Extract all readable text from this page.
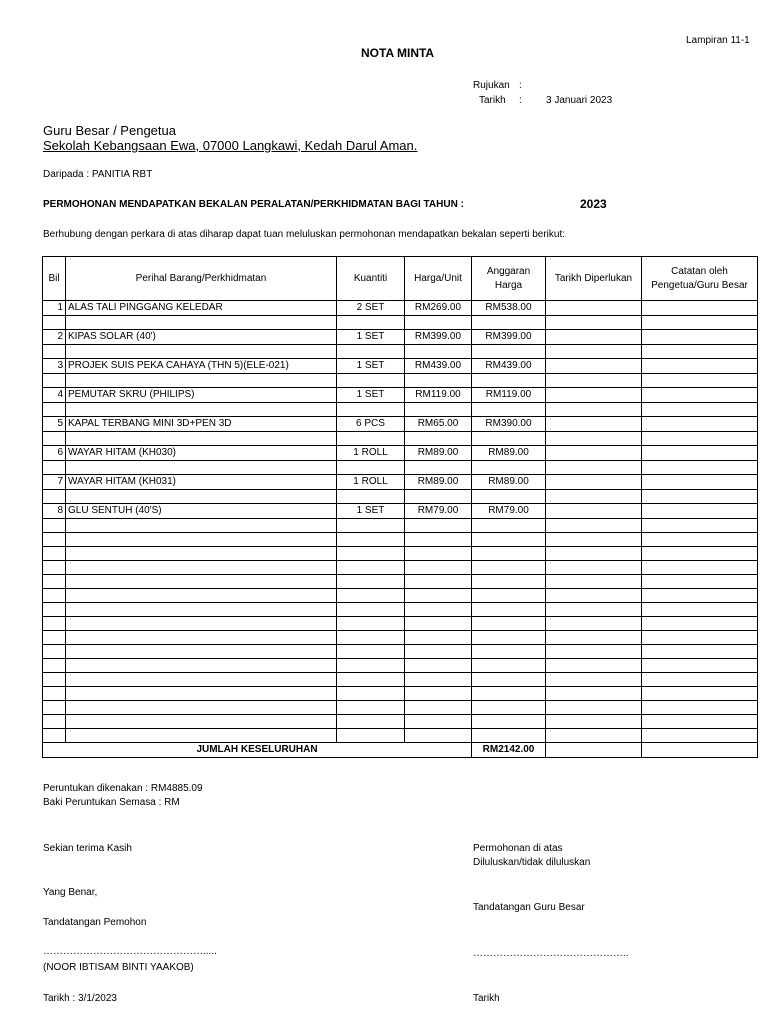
Lampiran 11-1
NOTA MINTA
Rujukan :
Tarikh : 3 Januari 2023
Guru Besar / Pengetua
Sekolah Kebangsaan Ewa, 07000 Langkawi, Kedah Darul Aman.
Daripada : PANITIA RBT
PERMOHONAN MENDAPATKAN BEKALAN PERALATAN/PERKHIDMATAN BAGI TAHUN :	2023
Berhubung dengan perkara di atas diharap dapat tuan meluluskan permohonan mendapatkan bekalan seperti berikut:
Bil	Perihal Barang/Perkhidmatan	Kuantiti	Harga/Unit	Anggaran Harga	Tarikh Diperlukan	Catatan oleh Pengetua/Guru Besar
1	ALAS TALI PINGGANG KELEDAR	2 SET	RM269.00	RM538.00		

2	KIPAS SOLAR (40')	1 SET	RM399.00	RM399.00		

3	PROJEK SUIS PEKA CAHAYA (THN 5)(ELE-021)	1 SET	RM439.00	RM439.00		

4	PEMUTAR SKRU (PHILIPS)	1 SET	RM119.00	RM119.00		

5	KAPAL TERBANG MINI 3D+PEN 3D	6 PCS	RM65.00	RM390.00		

6	WAYAR HITAM (KH030)	1 ROLL	RM89.00	RM89.00		

7	WAYAR HITAM (KH031)	1 ROLL	RM89.00	RM89.00		

8	GLU SENTUH (40'S)	1 SET	RM79.00	RM79.00		

JUMLAH KESELURUHAN				RM2142.00		
Peruntukan dikenakan : RM4885.09
Baki Peruntukan Semasa : RM
Sekian terima Kasih
Yang Benar,
Tandatangan Pemohon
………………………………………….....
(NOOR IBTISAM BINTI YAAKOB)
Tarikh : 3/1/2023
Permohonan di atas
Diluluskan/tidak diluluskan
Tandatangan Guru Besar
………………………………………..
Tarikh
